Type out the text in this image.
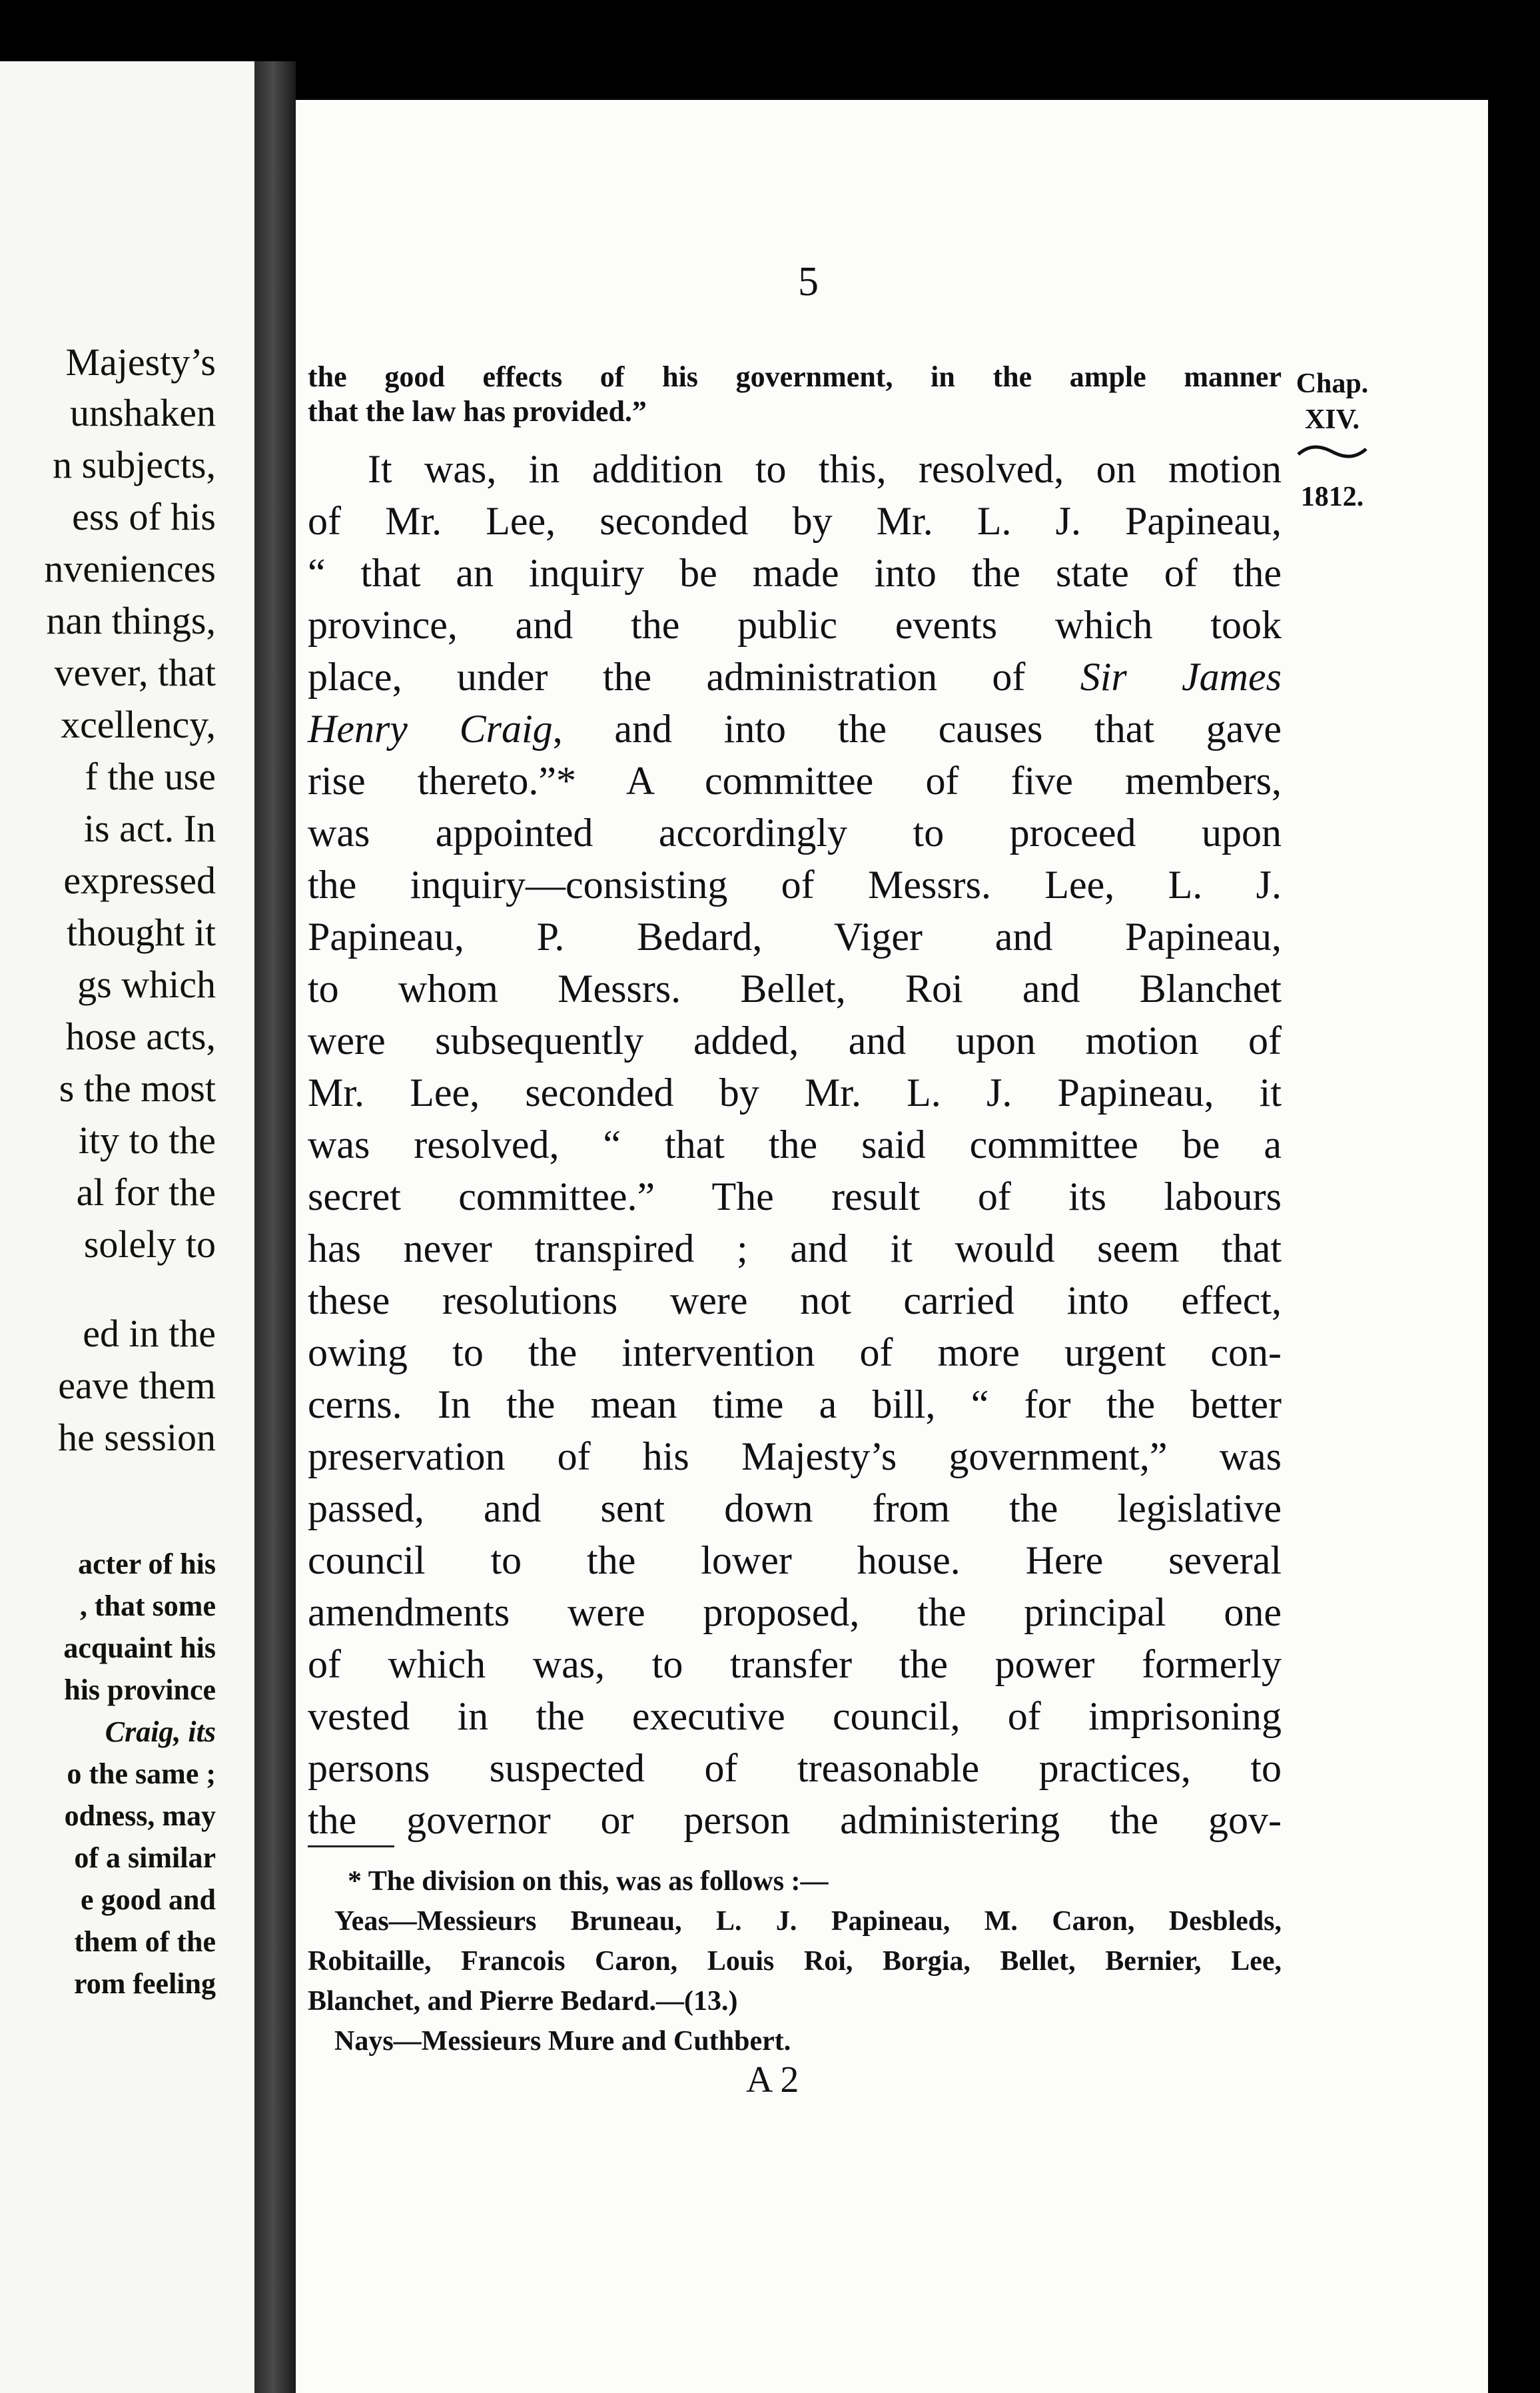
Majesty’s
unshaken
n subjects,
ess of his
nveniences
nan things,
vever, that
xcellency,
f the use
is act. In
expressed
thought it
gs which
hose acts,
s the most
ity to the
al for the
solely to
ed in the
eave them
he session
acter of his
, that some
acquaint his
his province
Craig, its
o the same ;
odness, may
of a similar
e good and
them of the
rom feeling
5
Chap.
XIV.
1812.
the good effects of his government, in the ample manner
that the law has provided.”
It was, in addition to this, resolved, on motion
of Mr. Lee, seconded by Mr. L. J. Papineau,
“ that an inquiry be made into the state of the
province, and the public events which took
place, under the administration of Sir James
Henry Craig, and into the causes that gave
rise thereto.”* A committee of five members,
was appointed accordingly to proceed upon
the inquiry—consisting of Messrs. Lee, L. J.
Papineau, P. Bedard, Viger and Papineau,
to whom Messrs. Bellet, Roi and Blanchet
were subsequently added, and upon motion of
Mr. Lee, seconded by Mr. L. J. Papineau, it
was resolved, “ that the said committee be a
secret committee.” The result of its labours
has never transpired ; and it would seem that
these resolutions were not carried into effect,
owing to the intervention of more urgent con-
cerns. In the mean time a bill, “ for the better
preservation of his Majesty’s government,” was
passed, and sent down from the legislative
council to the lower house. Here several
amendments were proposed, the principal one
of which was, to transfer the power formerly
vested in the executive council, of imprisoning
persons suspected of treasonable practices, to
the governor or person administering the gov-
* The division on this, was as follows :—
Yeas—Messieurs Bruneau, L. J. Papineau, M. Caron, Desbleds,
Robitaille, Francois Caron, Louis Roi, Borgia, Bellet, Bernier, Lee,
Blanchet, and Pierre Bedard.—(13.)
Nays—Messieurs Mure and Cuthbert.
A 2
